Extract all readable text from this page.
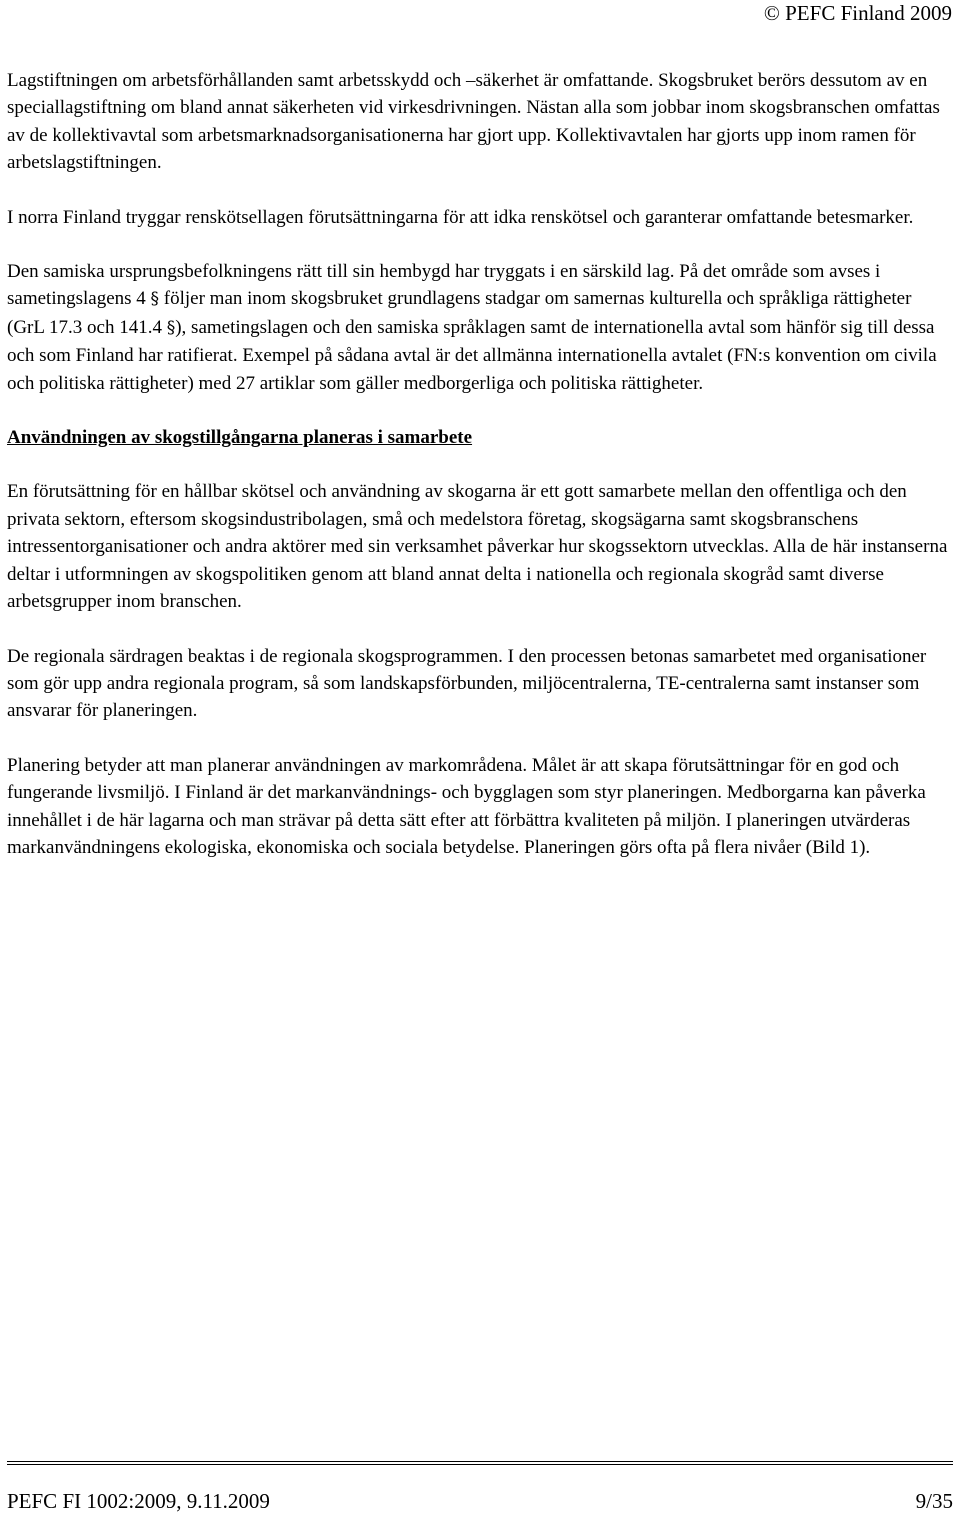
© PEFC Finland 2009

Lagstiftningen om arbetsförhållanden samt arbetsskydd och –säkerhet är omfattande. Skogsbruket berörs dessutom av en speciallagstiftning om bland annat säkerheten vid virkesdrivningen. Nästan alla som jobbar inom skogsbranschen omfattas av de kollektivavtal som arbetsmarknadsorganisationerna har gjort upp. Kollektivavtalen har gjorts upp inom ramen för arbetslagstiftningen.

I norra Finland tryggar renskötsellagen förutsättningarna för att idka renskötsel och garanterar omfattande betesmarker.

Den samiska ursprungsbefolkningens rätt till sin hembygd har tryggats i en särskild lag. På det område som avses i sametingslagens 4 § följer man inom skogsbruket grundlagens stadgar om samernas kulturella och språkliga rättigheter (GrL 17.3 och 141.4 §), sametingslagen och den samiska språklagen samt de internationella avtal som hänför sig till dessa och som Finland har ratifierat. Exempel på sådana avtal är det allmänna internationella avtalet (FN:s konvention om civila och politiska rättigheter) med 27 artiklar som gäller medborgerliga och politiska rättigheter.

Användningen av skogstillgångarna planeras i samarbete

En förutsättning för en hållbar skötsel och användning av skogarna är ett gott samarbete mellan den offentliga och den privata sektorn, eftersom skogsindustribolagen, små och medelstora företag, skogsägarna samt skogsbranschens intressentorganisationer och andra aktörer med sin verksamhet påverkar hur skogssektorn utvecklas. Alla de här instanserna deltar i utformningen av skogspolitiken genom att bland annat delta i nationella och regionala skogråd samt diverse arbetsgrupper inom branschen.

De regionala särdragen beaktas i de regionala skogsprogrammen. I den processen betonas samarbetet med organisationer som gör upp andra regionala program, så som landskapsförbunden, miljöcentralerna, TE-centralerna samt instanser som ansvarar för planeringen.

Planering betyder att man planerar användningen av markområdena. Målet är att skapa förutsättningar för en god och fungerande livsmiljö. I Finland är det markanvändnings- och bygglagen som styr planeringen. Medborgarna kan påverka innehållet i de här lagarna och man strävar på detta sätt efter att förbättra kvaliteten på miljön. I planeringen utvärderas markanvändningens ekologiska, ekonomiska och sociala betydelse. Planeringen görs ofta på flera nivåer (Bild 1).

PEFC FI 1002:2009, 9.11.2009	9/35
